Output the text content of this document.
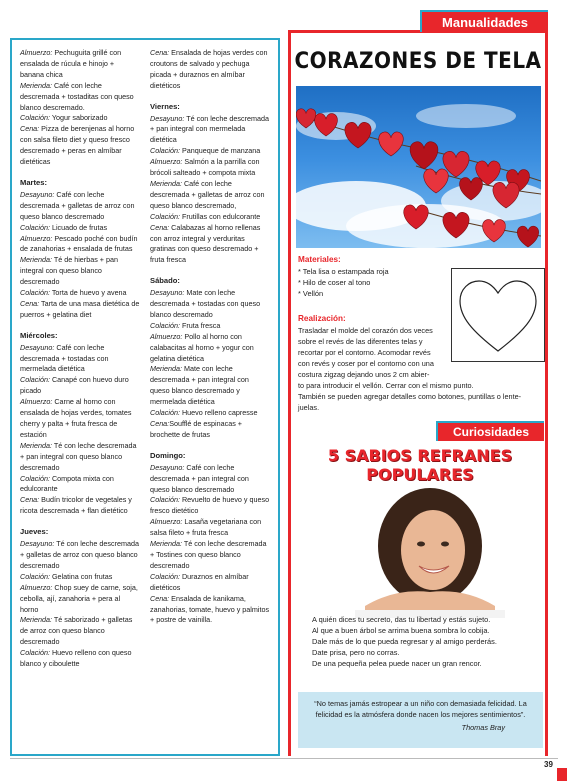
Almuerzo: Pechuguita grillé con ensalada de rúcula e hinojo + banana chica
Merienda: Café con leche descremada + tostaditas con queso blanco descremado.
Colación: Yogur saborizado
Cena: Pizza de berenjenas al horno con salsa fileto diet y queso fresco descremado + peras en almíbar dietéticas
Martes:
Desayuno: Café con leche descremada + galletas de arroz con queso blanco descremado
Colación: Licuado de frutas
Almuerzo: Pescado poché con budín de zanahorias + ensalada de frutas
Merienda: Té de hierbas + pan integral con queso blanco descremado
Colación: Torta de huevo y avena
Cena: Tarta de una masa dietética de puerros + gelatina diet
Miércoles:
Desayuno: Café con leche descremada + tostadas con mermelada dietética
Colación: Canapé con huevo duro picado
Almuerzo: Carne al horno con ensalada de hojas verdes, tomates cherry y palta + fruta fresca de estación
Merienda: Té con leche descremada + pan integral con queso blanco descremado
Colación: Compota mixta con edulcorante
Cena: Budín tricolor de vegetales y ricota descremada + flan dietético
Jueves:
Desayuno: Té con leche descremada + galletas de arroz con queso blanco descremado
Colación: Gelatina con frutas
Almuerzo: Chop suey de carne, soja, cebolla, ají, zanahoria + pera al horno
Merienda: Té saborizado + galletas de arroz con queso blanco descremado
Colación: Huevo relleno con queso blanco y ciboulette
Cena: Ensalada de hojas verdes con croutons de salvado y pechuga picada + duraznos en almíbar dietéticos
Viernes:
Desayuno: Té con leche descremada + pan integral con mermelada dietética
Colación: Panqueque de manzana
Almuerzo: Salmón a la parrilla con brócoli salteado + compota mixta
Merienda: Café con leche descremada + galletas de arroz con queso blanco descremado,
Colación: Frutillas con edulcorante
Cena: Calabazas al horno rellenas con arroz integral y verduritas gratinas con queso descremado + fruta fresca
Sábado:
Desayuno: Mate con leche descremada + tostadas con queso blanco descremado
Colación: Fruta fresca
Almuerzo: Pollo al horno con calabacitas al horno + yogur con gelatina dietética
Merienda: Mate con leche descremada + pan integral con queso blanco descremado y mermelada dietética
Colación: Huevo relleno capresse
Cena:Soufflé de espinacas + brochette de frutas
Domingo:
Desayuno: Café con leche descremada + pan integral con queso blanco descremado
Colación: Revuelto de huevo y queso fresco dietético
Almuerzo: Lasaña vegetariana con salsa fileto + fruta fresca
Merienda: Té con leche descremada + Tostines con queso blanco descremado
Colación: Duraznos en almíbar dietéticos
Cena: Ensalada de kanikama, zanahorias, tomate, huevo y palmitos + postre de vainilla.
Manualidades
CORAZONES DE TELA
Materiales:
* Tela lisa o estampada roja
* Hilo de coser al tono
* Vellón
Realización:
Trasladar el molde del corazón dos veces
sobre el revés de las diferentes telas y
recortar por el contorno. Acomodar revés
con revés y coser por el contorno con una
costura zigzag dejando unos 2 cm abier-
to para introducir el vellón. Cerrar con el mismo punto.
También se pueden agregar detalles como botones, puntillas o lente-
juelas.
Curiosidades
5 SABIOS REFRANES
POPULARES
A quién dices tu secreto, das tu libertad y estás sujeto.
Al que a buen árbol se arrima buena sombra lo cobija.
Dale más de lo que pueda regresar y al amigo perderás.
Date prisa, pero no corras.
De una pequeña pelea puede nacer un gran rencor.
“No temas jamás estropear a un niño con demasiada felicidad. La felicidad es la atmósfera donde nacen los mejores sentimientos”.
Thomas Bray
39
